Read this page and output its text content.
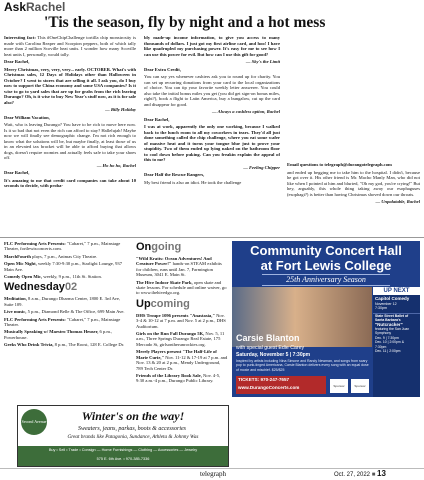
AskRachel
'Tis the season, fly by night and a hot mess

Interesting fact: This #OneChipChallenge tortilla chip monstrosity is made with Carolina Reaper and Scorpion peppers, both of which tally more than 2 million Scoville heat units. I wonder how many Scoville heat units I, personally, would tally.

Dear Rachel,

Merry Christmas, very, very, very... early. OCTOBER. What's with Christmas sales, 12 Days of Holidays other than Halloween in October? I went to stores that are selling it all. I ask you, do I buy now to support the China economy and some USA companies? Is it wise to go to yard sales that are up for grabs from the rich leaving Durango? Oh, is it wise to buy New Year's stuff now, as it is for sale also?

— Billy Holiday

Dear William Vacation,

Wait, who is leaving Durango? You have to be rich to move here now. Is it so bad that not even the rich can afford to stay? Hallelujah! Maybe now we will finally see demographic change. I'm not rich enough to know what the solutions will be, but maybe finally, at least those of us in an elevated tax bracket will be able to afford buying that allows dogs, doesn't require roomies and actually feels safe to take your shoes off.

— Ho ho ho, Rachel

Dear Rachel,

It's amazing to me that credit card companies can take about 10 seconds to decide, with proba-

bly made-up income information, to give you access to many thousands of dollars. I just got my first airline card, and hoo! I have like quadrupled my purchasing power. It's easy for me to see how I can use this power for evil. But how can I use this gift for good?

— Sky's the Limit

Dear Extra Credit,

You can say yes whenever cashiers ask you to round up for charity. You can set up recurring donations from your card to the local organizations of choice. You can tip your favorite weekly letter answerer. You could also take the initial bonus miles you get (you did get sign-on bonus miles, right?), book a flight to Latin America, buy a bungalow, cut up the card and disappear for good.

— Always a cashless option, Rachel

Dear Rachel,

I was at work, apparently the only one working, because I walked back to the lunch room to all my coworkers in tears. They'd all just done something called the chip challenge, where you eat some wafer of massive heat and it turns your tongue blue just to prove your stupidity. Two of them ended up lying naked on the bathroom floor to cool down before puking. Can you freakin explain the appeal of this to me?

— Feeling Chipper

Dear Half the Rescue Rangers,

My best friend is also an idiot. He took the challenge

Email questions to telegraph@durangotelegraph.com

and ended up begging me to take him to the hospital. I didn't, because he got over it. His other friend is Mr. Macho Manly Man, who did not like when I pointed at him and blurted, "Oh my god, you're crying!" But hey, arguably, this whole thing taking away our esophaguses (esophagi?) is better than having Christmas shoved down our throats.

— Unpalatable, Rachel

FLC Performing Arts Presents: "Cabaret," 7 p.m., Mainstage Theater, fortlewisconcerts.com.

MarchFourth plays, 7 p.m., Animas City Theatre.

Open Mic Night, weekly 7:30-9:30 p.m., Starlight Lounge, 937 Main Ave.

Comedy Open Mic, weekly, 9 p.m., 11th St. Station.

Wednesday02

Meditation, 8 a.m., Durango Dharma Center, 1800 E. 3rd Ave, Suite 109.

Live music, 5 p.m., Diamond Belle & The Office, 699 Main Ave.

FLC Performing Arts Presents: "Cabaret," 7 p.m., Mainstage Theater.

Musically Speaking w/ Maestro Thomas Heuser, 6 p.m., Powerhouse.

Geeks Who Drink Trivia, 8 p.m., The Roost, 128 E. College Dr.

Ongoing

"Wild Kratts: Ocean Adventures! And Creature Power!" hands-on STEAM exhibits for children, runs until Jan. 7, Farmington Museum, 3041 E. Main St.

The Hive Indoor Skate Park, open skate and skate lessons. For schedule and online waiver, go to www.thehivedgo.org.

Upcoming

DHS Troupe 1096 presents "Anastasia," Nov. 3-4 & 10-12 at 7 p.m. and Nov. 5 at 2 p.m., DHS Auditorium.

Girls on the Run Fall Durango 5K, Nov. 5, 11 a.m., Three Springs Durango Real Estate, 175 Mercado St, girlsontherunrockies.org.

Merely Players present "The Half-Life of Marie Curie," Nov. 11-12 & 17-19 at 7 p.m. and Nov. 13 & 20 at 2 p.m., Mendy Underground, 789 Tech Center Dr.

Friends of the Library Book Sale, Nov. 4-5, 9:30 a.m.-4 p.m., Durango Public Library.

Community Concert Hall
at Fort Lewis College
25th Anniversary Season
UP NEXT
Capitol Comedy
November 12
7:30pm
State Street Ballet of Santa Barbara's
"Nutcracker"
featuring the San Juan Symphony
Dec. 9 | 7:30pm
Dec. 10 | 2:00pm &
7:30pm
Dec. 11 | 2:00pm
Carsie Blanton
with special guest Edie Carey
Saturday, November 5 | 7:30pm
Inspired by artists including Nina Simone and Randy Newman, and songs from scary pop to punk-tinged Americana, Carsie Blanton delivers every song with an equal dose of moxie and mischief. $25/$25
TICKETS: 970-247-7657
www.DurangoConcerts.com	Sponsor	Sponsor
Second Avenue	Winter's on the way!
Sweaters, jeans, parkas, boots & accessories
Great brands like Patagonia, Sundance, Athleta & Johnny Was
Buy • Sell • Trade • Consign — Home Furnishings — Clothing — Accessories — Jewelry
575 E. 6th Ave. • 970-385-7336
telegraph	Oct. 27, 2022 ■ 13
